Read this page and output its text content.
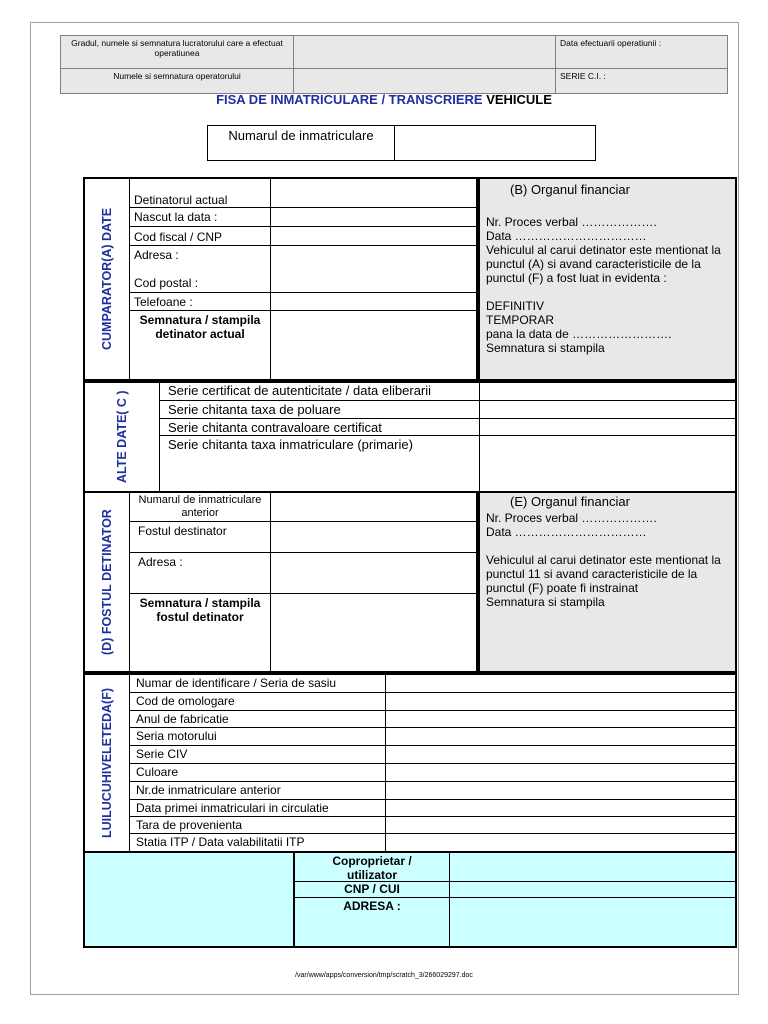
Gradul, numele si semnatura lucratorului care a efectuat operatiunea
Data efectuarii operatiunii :
Numele si semnatura operatorului	SERIE C.I. :
FISA DE INMATRICULARE / TRANSCRIERE VEHICULE
Numarul de inmatriculare
CUMPARATOR(A) DATE
Detinatorul actual
Nascut la data :
Cod fiscal / CNP
Adresa :
Cod postal :
Telefoane :
Semnatura / stampila detinator actual
(B) Organul financiar
Nr. Proces verbal ……………….
Data ……………………………
Vehiculul al carui detinator este mentionat la punctul (A) si avand caracteristicile de la punctul (F) a fost luat in evidenta :
DEFINITIV
TEMPORAR
pana la data de …………………….
Semnatura si stampila
ALTE DATE( C )
Serie certificat de autenticitate / data eliberarii
Serie chitanta taxa de poluare
Serie chitanta contravaloare certificat
Serie chitanta taxa inmatriculare (primarie)
(D) FOSTUL DETINATOR
Numarul de inmatriculare anterior
Fostul destinator
Adresa :
Semnatura / stampila fostul detinator
(E) Organul financiar
Nr. Proces verbal ……………….
Data ……………………………
Vehiculul al carui detinator este mentionat la punctul 11 si avand caracteristicile de la punctul (F) poate fi instrainat
Semnatura si stampila
LUILUCUHIVELETEDA(F)
Numar de identificare / Seria de sasiu
Cod de omologare
Anul de fabricatie
Seria motorului
Serie CIV
Culoare
Nr.de inmatriculare anterior
Data primei inmatriculari in circulatie
Tara de provenienta
Statia ITP / Data valabilitatii ITP
Coproprietar / utilizator
CNP / CUI
ADRESA :
/var/www/apps/conversion/tmp/scratch_3/266029297.doc
